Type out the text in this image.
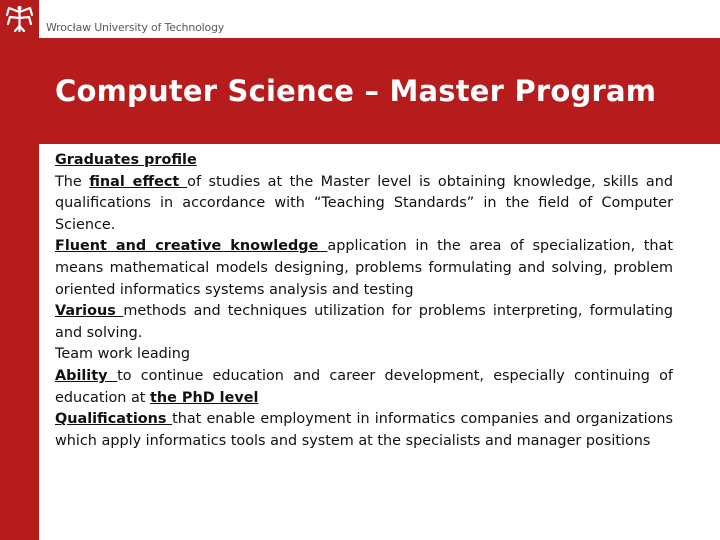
Wrocław University of Technology
Computer Science – Master Program

Graduates profile

The final effect of studies at the Master level is obtaining knowledge, skills and qualifications in accordance with “Teaching Standards” in the field of Computer Science.

Fluent and creative knowledge application in the area of specialization, that means mathematical models designing, problems formulating and solving, problem oriented informatics systems analysis and testing

Various methods and techniques utilization for problems interpreting, formulating and solving.

Team work leading

Ability to continue education and career development, especially continuing of education at the PhD level

Qualifications that enable employment in informatics companies and organizations which apply informatics tools and system at the specialists and manager positions
